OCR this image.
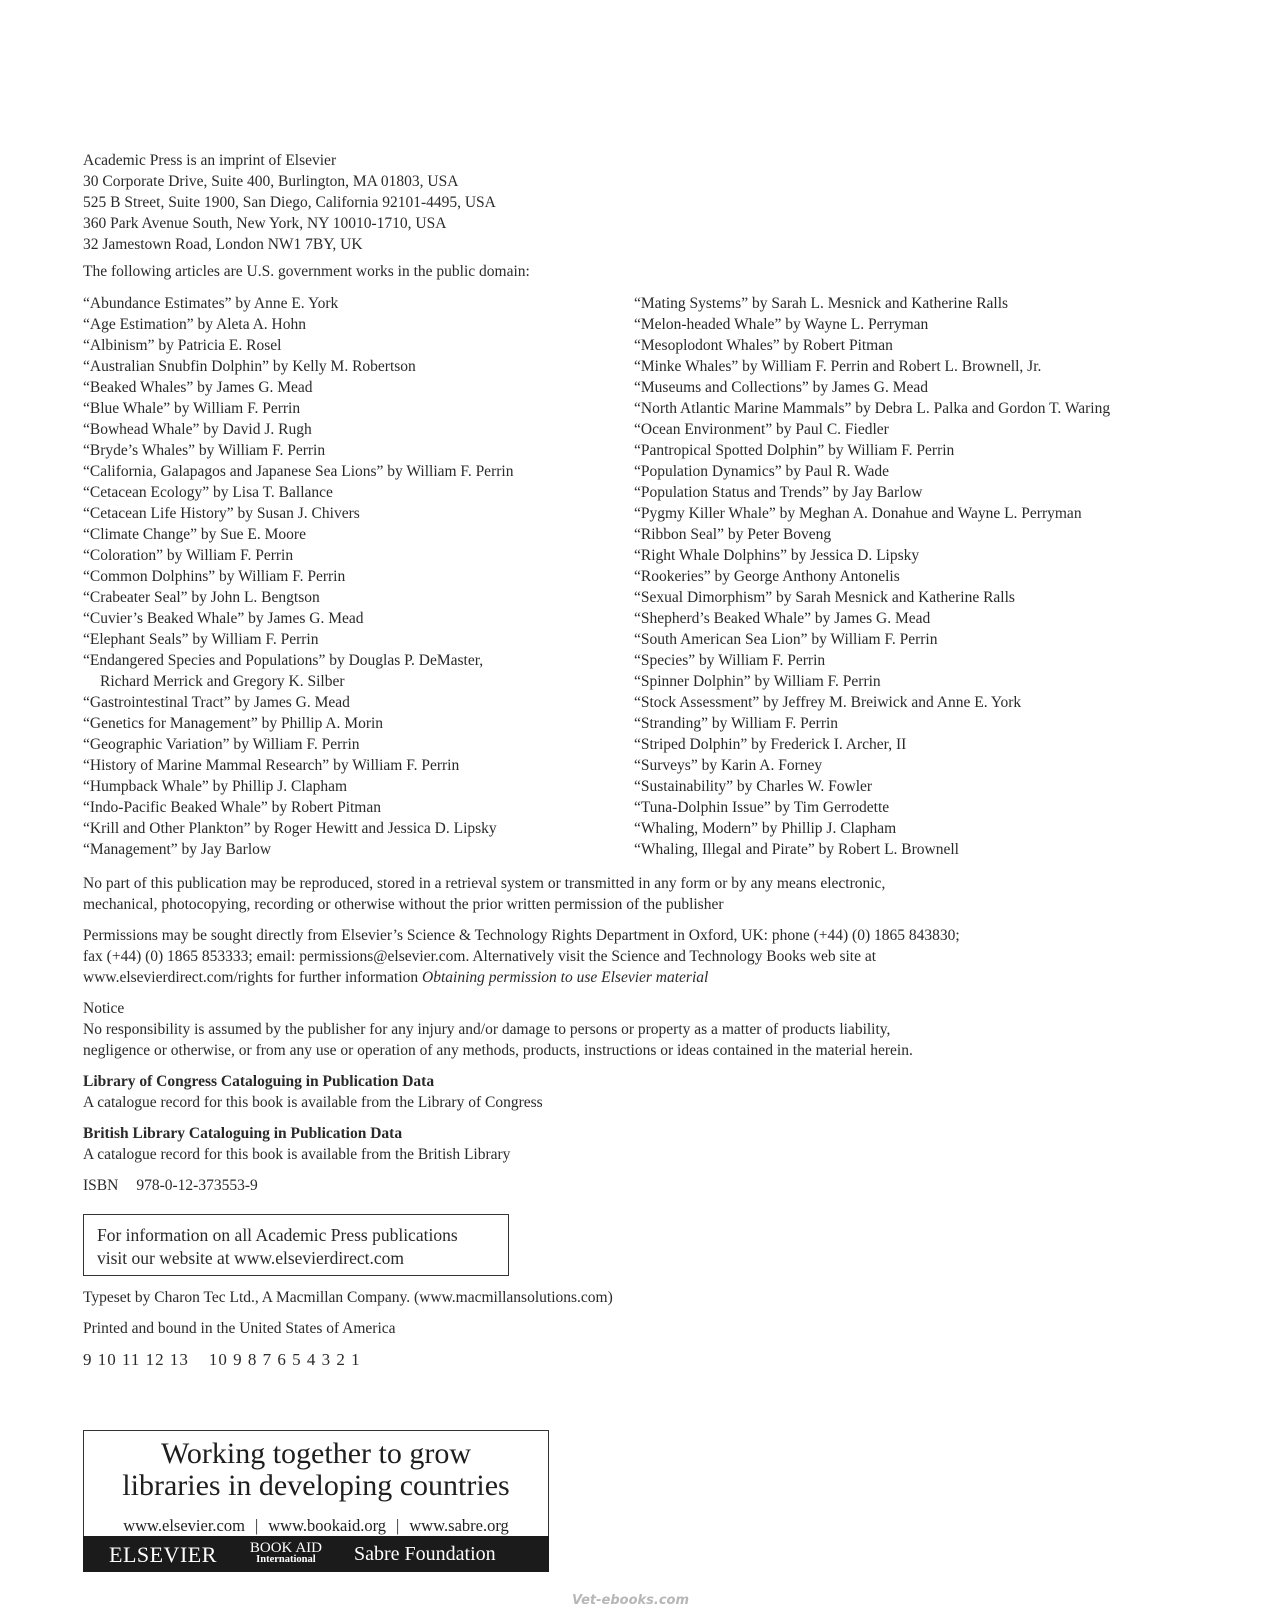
Academic Press is an imprint of Elsevier
30 Corporate Drive, Suite 400, Burlington, MA 01803, USA
525 B Street, Suite 1900, San Diego, California 92101-4495, USA
360 Park Avenue South, New York, NY 10010-1710, USA
32 Jamestown Road, London NW1 7BY, UK
The following articles are U.S. government works in the public domain:
“Abundance Estimates” by Anne E. York
“Age Estimation” by Aleta A. Hohn
“Albinism” by Patricia E. Rosel
“Australian Snubfin Dolphin” by Kelly M. Robertson
“Beaked Whales” by James G. Mead
“Blue Whale” by William F. Perrin
“Bowhead Whale” by David J. Rugh
“Bryde’s Whales” by William F. Perrin
“California, Galapagos and Japanese Sea Lions” by William F. Perrin
“Cetacean Ecology” by Lisa T. Ballance
“Cetacean Life History” by Susan J. Chivers
“Climate Change” by Sue E. Moore
“Coloration” by William F. Perrin
“Common Dolphins” by William F. Perrin
“Crabeater Seal” by John L. Bengtson
“Cuvier’s Beaked Whale” by James G. Mead
“Elephant Seals” by William F. Perrin
“Endangered Species and Populations” by Douglas P. DeMaster,
Richard Merrick and Gregory K. Silber
“Gastrointestinal Tract” by James G. Mead
“Genetics for Management” by Phillip A. Morin
“Geographic Variation” by William F. Perrin
“History of Marine Mammal Research” by William F. Perrin
“Humpback Whale” by Phillip J. Clapham
“Indo-Pacific Beaked Whale” by Robert Pitman
“Krill and Other Plankton” by Roger Hewitt and Jessica D. Lipsky
“Management” by Jay Barlow
“Mating Systems” by Sarah L. Mesnick and Katherine Ralls
“Melon-headed Whale” by Wayne L. Perryman
“Mesoplodont Whales” by Robert Pitman
“Minke Whales” by William F. Perrin and Robert L. Brownell, Jr.
“Museums and Collections” by James G. Mead
“North Atlantic Marine Mammals” by Debra L. Palka and Gordon T. Waring
“Ocean Environment” by Paul C. Fiedler
“Pantropical Spotted Dolphin” by William F. Perrin
“Population Dynamics” by Paul R. Wade
“Population Status and Trends” by Jay Barlow
“Pygmy Killer Whale” by Meghan A. Donahue and Wayne L. Perryman
“Ribbon Seal” by Peter Boveng
“Right Whale Dolphins” by Jessica D. Lipsky
“Rookeries” by George Anthony Antonelis
“Sexual Dimorphism” by Sarah Mesnick and Katherine Ralls
“Shepherd’s Beaked Whale” by James G. Mead
“South American Sea Lion” by William F. Perrin
“Species” by William F. Perrin
“Spinner Dolphin” by William F. Perrin
“Stock Assessment” by Jeffrey M. Breiwick and Anne E. York
“Stranding” by William F. Perrin
“Striped Dolphin” by Frederick I. Archer, II
“Surveys” by Karin A. Forney
“Sustainability” by Charles W. Fowler
“Tuna-Dolphin Issue” by Tim Gerrodette
“Whaling, Modern” by Phillip J. Clapham
“Whaling, Illegal and Pirate” by Robert L. Brownell
No part of this publication may be reproduced, stored in a retrieval system or transmitted in any form or by any means electronic,
mechanical, photocopying, recording or otherwise without the prior written permission of the publisher
Permissions may be sought directly from Elsevier’s Science & Technology Rights Department in Oxford, UK: phone (+44) (0) 1865 843830;
fax (+44) (0) 1865 853333; email: permissions@elsevier.com. Alternatively visit the Science and Technology Books web site at
www.elsevierdirect.com/rights for further information Obtaining permission to use Elsevier material
Notice
No responsibility is assumed by the publisher for any injury and/or damage to persons or property as a matter of products liability,
negligence or otherwise, or from any use or operation of any methods, products, instructions or ideas contained in the material herein.
Library of Congress Cataloguing in Publication Data
A catalogue record for this book is available from the Library of Congress
British Library Cataloguing in Publication Data
A catalogue record for this book is available from the British Library
ISBN 978-0-12-373553-9
For information on all Academic Press publications
visit our website at www.elsevierdirect.com
Typeset by Charon Tec Ltd., A Macmillan Company. (www.macmillansolutions.com)
Printed and bound in the United States of America
9 10 11 12 13 10 9 8 7 6 5 4 3 2 1
Working together to grow
libraries in developing countries
www.elsevier.com | www.bookaid.org | www.sabre.org
ELSEVIER BOOK AID
International	Sabre Foundation
Vet-ebooks.com
